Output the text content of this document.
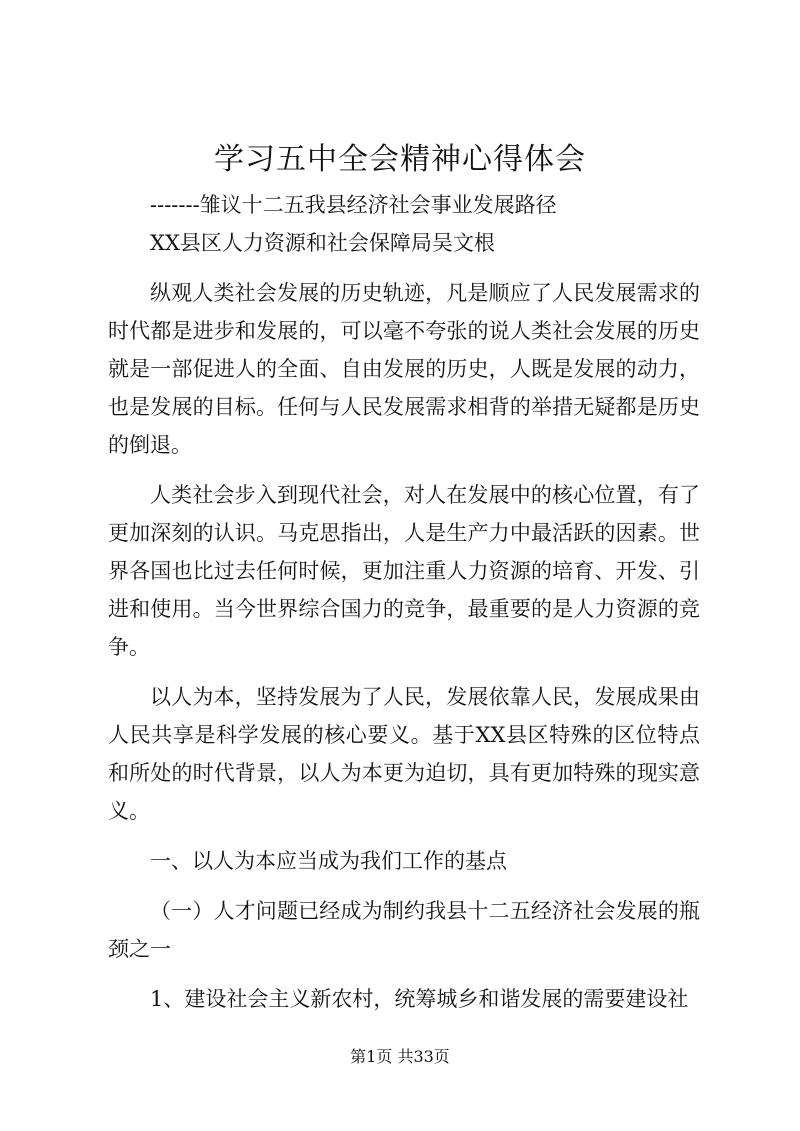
学习五中全会精神心得体会

-------雏议十二五我县经济社会事业发展路径

XX县区人力资源和社会保障局吴文根

纵观人类社会发展的历史轨迹，凡是顺应了人民发展需求的时代都是进步和发展的，可以毫不夸张的说人类社会发展的历史就是一部促进人的全面、自由发展的历史，人既是发展的动力，也是发展的目标。任何与人民发展需求相背的举措无疑都是历史的倒退。

人类社会步入到现代社会，对人在发展中的核心位置，有了更加深刻的认识。马克思指出，人是生产力中最活跃的因素。世界各国也比过去任何时候，更加注重人力资源的培育、开发、引进和使用。当今世界综合国力的竞争，最重要的是人力资源的竞争。

以人为本，坚持发展为了人民，发展依靠人民，发展成果由人民共享是科学发展的核心要义。基于XX县区特殊的区位特点和所处的时代背景，以人为本更为迫切，具有更加特殊的现实意义。

一、以人为本应当成为我们工作的基点

（一）人才问题已经成为制约我县十二五经济社会发展的瓶颈之一

1、建设社会主义新农村，统筹城乡和谐发展的需要建设社

第1页 共33页
